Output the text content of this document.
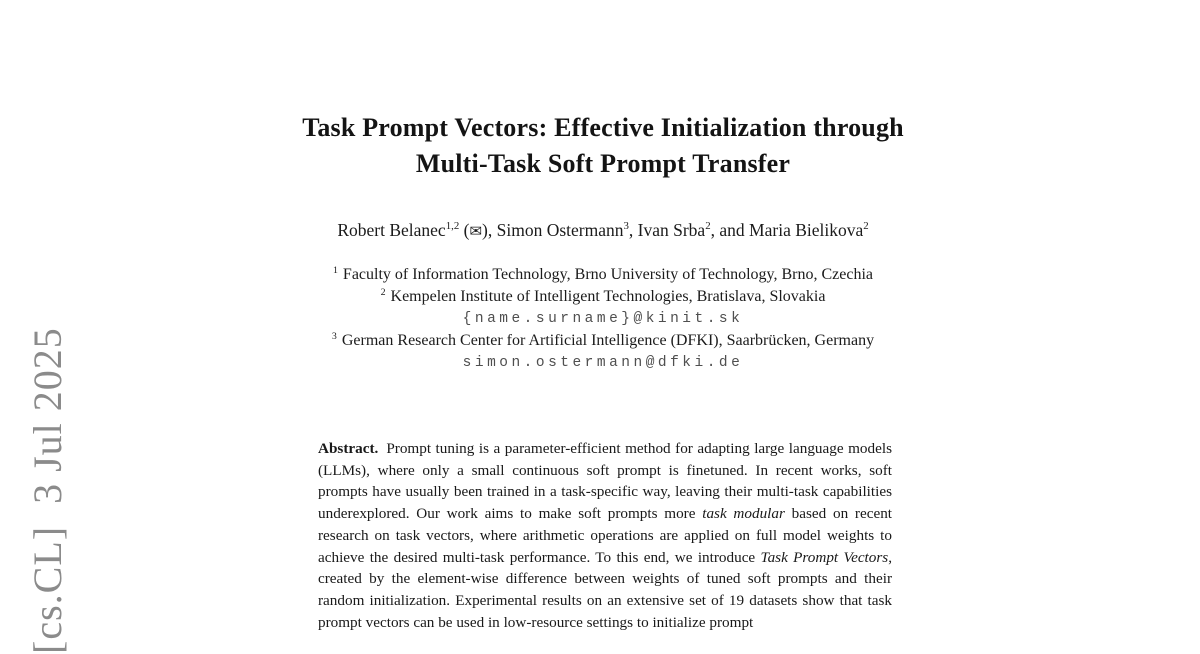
[cs.CL]  3 Jul 2025
Task Prompt Vectors: Effective Initialization through
Multi-Task Soft Prompt Transfer
Robert Belanec$^{1,2}$ (✉), Simon Ostermann$^3$, Ivan Srba$^2$, and Maria Bielikova$^2$
$^1$ Faculty of Information Technology, Brno University of Technology, Brno, Czechia
$^2$ Kempelen Institute of Intelligent Technologies, Bratislava, Slovakia
{name.surname}@kinit.sk
$^3$ German Research Center for Artificial Intelligence (DFKI), Saarbrücken, Germany
simon.ostermann@dfki.de
Abstract. Prompt tuning is a parameter-efficient method for adapting large language models (LLMs), where only a small continuous soft prompt is finetuned. In recent works, soft prompts have usually been trained in a task-specific way, leaving their multi-task capabilities underexplored. Our work aims to make soft prompts more task modular based on recent research on task vectors, where arithmetic operations are applied on full model weights to achieve the desired multi-task performance. To this end, we introduce Task Prompt Vectors, created by the element-wise difference between weights of tuned soft prompts and their random initialization. Experimental results on an extensive set of 19 datasets show that task prompt vectors can be used in low-resource settings to initialize prompt
